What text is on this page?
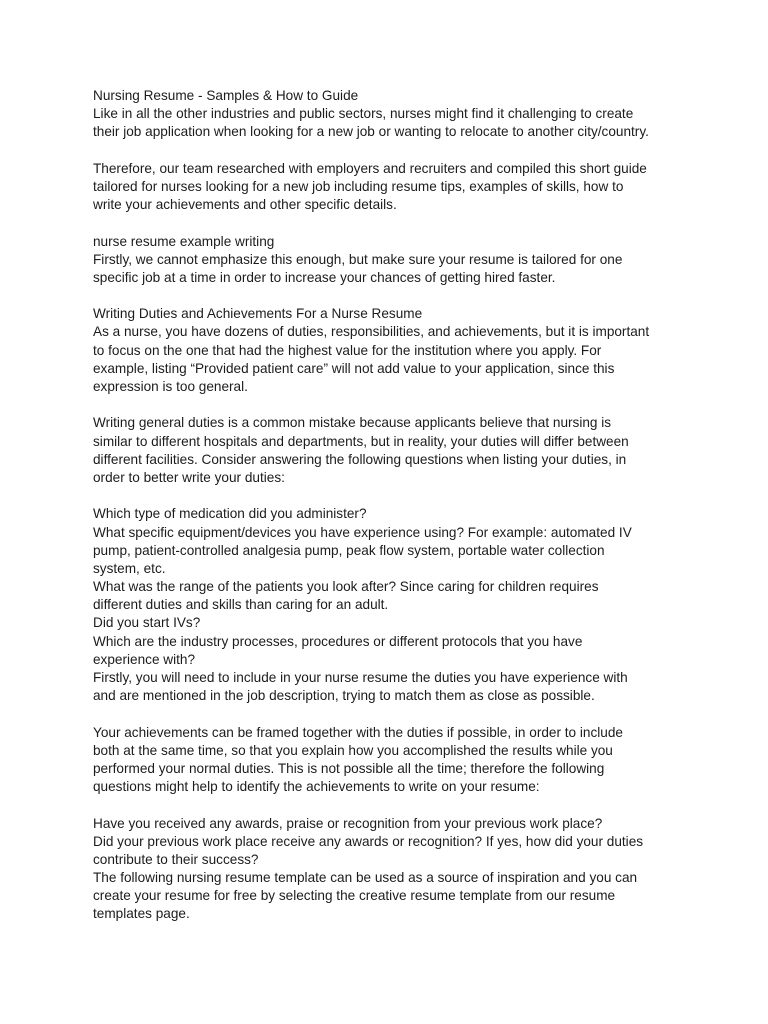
Nursing Resume - Samples & How to Guide
Like in all the other industries and public sectors, nurses might find it challenging to create
their job application when looking for a new job or wanting to relocate to another city/country.
Therefore, our team researched with employers and recruiters and compiled this short guide
tailored for nurses looking for a new job including resume tips, examples of skills, how to
write your achievements and other specific details.
nurse resume example writing
Firstly, we cannot emphasize this enough, but make sure your resume is tailored for one
specific job at a time in order to increase your chances of getting hired faster.
Writing Duties and Achievements For a Nurse Resume
As a nurse, you have dozens of duties, responsibilities, and achievements, but it is important
to focus on the one that had the highest value for the institution where you apply. For
example, listing “Provided patient care” will not add value to your application, since this
expression is too general.
Writing general duties is a common mistake because applicants believe that nursing is
similar to different hospitals and departments, but in reality, your duties will differ between
different facilities. Consider answering the following questions when listing your duties, in
order to better write your duties:
Which type of medication did you administer?
What specific equipment/devices you have experience using? For example: automated IV
pump, patient-controlled analgesia pump, peak flow system, portable water collection
system, etc.
What was the range of the patients you look after? Since caring for children requires
different duties and skills than caring for an adult.
Did you start IVs?
Which are the industry processes, procedures or different protocols that you have
experience with?
Firstly, you will need to include in your nurse resume the duties you have experience with
and are mentioned in the job description, trying to match them as close as possible.
Your achievements can be framed together with the duties if possible, in order to include
both at the same time, so that you explain how you accomplished the results while you
performed your normal duties. This is not possible all the time; therefore the following
questions might help to identify the achievements to write on your resume:
Have you received any awards, praise or recognition from your previous work place?
Did your previous work place receive any awards or recognition? If yes, how did your duties
contribute to their success?
The following nursing resume template can be used as a source of inspiration and you can
create your resume for free by selecting the creative resume template from our resume
templates page.
